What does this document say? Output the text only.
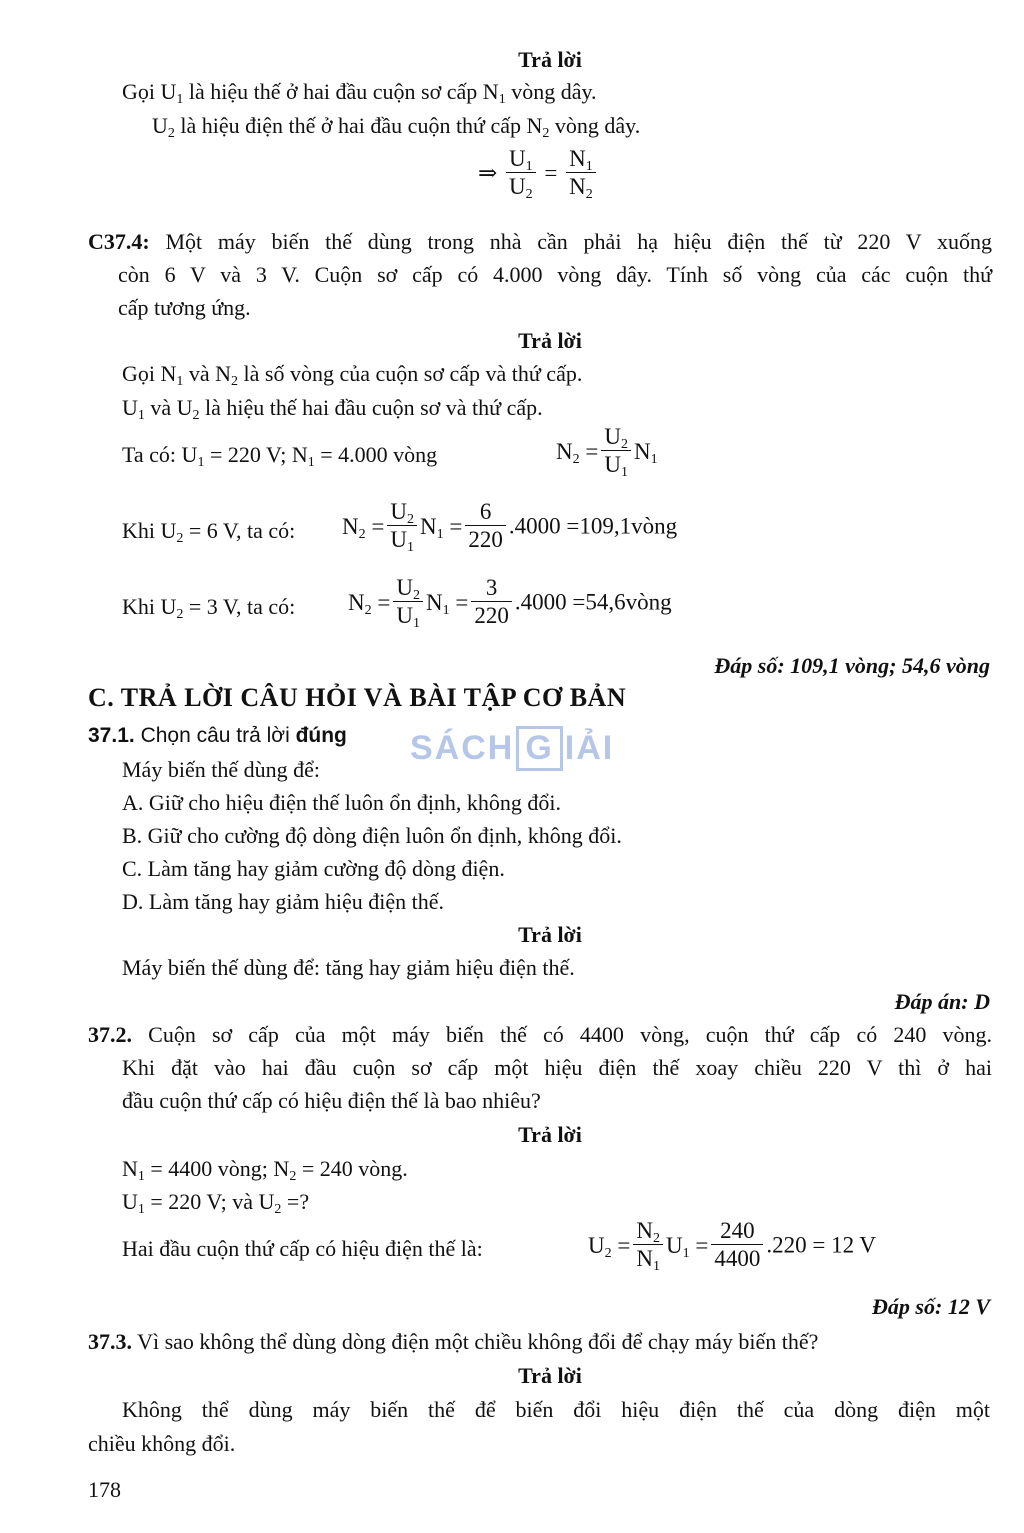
Trả lời
Gọi $U_1$ là hiệu thế ở hai đầu cuộn sơ cấp $N_1$ vòng dây.
$U_2$ là hiệu điện thế ở hai đầu cuộn thứ cấp $N_2$ vòng dây.
⇒ $\frac{U_1}{U_2} = \frac{N_1}{N_2}$
C37.4: Một máy biến thế dùng trong nhà cần phải hạ hiệu điện thế từ 220 V xuống
còn 6 V và 3 V. Cuộn sơ cấp có 4.000 vòng dây. Tính số vòng của các cuộn thứ
cấp tương ứng.
Trả lời
Gọi $N_1$ và $N_2$ là số vòng của cuộn sơ cấp và thứ cấp.
$U_1$ và $U_2$ là hiệu thế hai đầu cuộn sơ và thứ cấp.
Ta có: $U_1 = 220$ V; $N_1 = 4.000$ vòng	$N_2 = \frac{U_2}{U_1} N_1$
Khi $U_2 = 6$ V, ta có: $N_2 = \frac{U_2}{U_1} N_1 = \frac{6}{220} .4000$ =109,1vòng
Khi $U_2 = 3$ V, ta có: $N_2 = \frac{U_2}{U_1} N_1 = \frac{3}{220} .4000$ =54,6vòng
Đáp số: 109,1 vòng; 54,6 vòng
C. TRẢ LỜI CÂU HỎI VÀ BÀI TẬP CƠ BẢN
SÁCH G IẢI
37.1. Chọn câu trả lời đúng
Máy biến thế dùng để:
A. Giữ cho hiệu điện thế luôn ổn định, không đổi.
B. Giữ cho cường độ dòng điện luôn ổn định, không đổi.
C. Làm tăng hay giảm cường độ dòng điện.
D. Làm tăng hay giảm hiệu điện thế.
Trả lời
Máy biến thế dùng để: tăng hay giảm hiệu điện thế.
Đáp án: D
37.2. Cuộn sơ cấp của một máy biến thế có 4400 vòng, cuộn thứ cấp có 240 vòng.
Khi đặt vào hai đầu cuộn sơ cấp một hiệu điện thế xoay chiều 220 V thì ở hai
đầu cuộn thứ cấp có hiệu điện thế là bao nhiêu?
Trả lời
$N_1 = 4400$ vòng; $N_2 = 240$ vòng.
$U_1 = 220$ V; và $U_2$ =?
Hai đầu cuộn thứ cấp có hiệu điện thế là:	$U_2 = \frac{N_2}{N_1} U_1 = \frac{240}{4400} .220 = 12$ V
Đáp số: 12 V
37.3. Vì sao không thể dùng dòng điện một chiều không đổi để chạy máy biến thế?
Trả lời
Không thể dùng máy biến thế để biến đổi hiệu điện thế của dòng điện một
chiều không đổi.
178
